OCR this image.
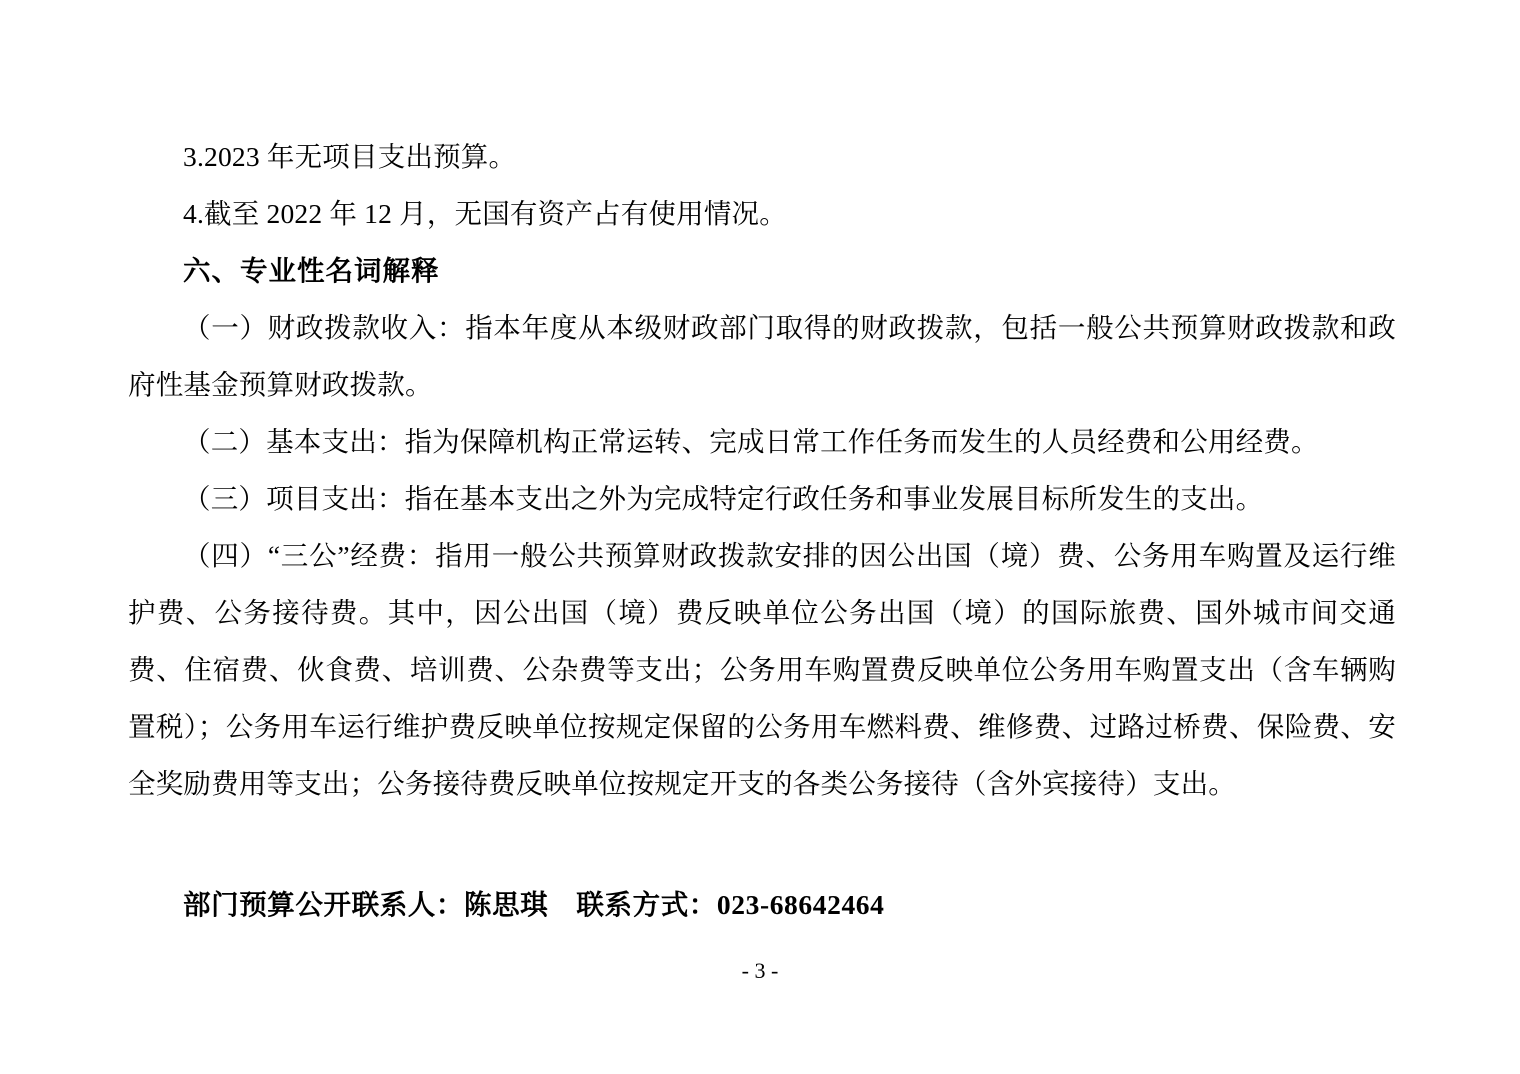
3.2023 年无项目支出预算。

4.截至 2022 年 12 月，无国有资产占有使用情况。

六、专业性名词解释

（一）财政拨款收入：指本年度从本级财政部门取得的财政拨款，包括一般公共预算财政拨款和政府性基金预算财政拨款。

（二）基本支出：指为保障机构正常运转、完成日常工作任务而发生的人员经费和公用经费。

（三）项目支出：指在基本支出之外为完成特定行政任务和事业发展目标所发生的支出。

（四）“三公”经费：指用一般公共预算财政拨款安排的因公出国（境）费、公务用车购置及运行维护费、公务接待费。其中，因公出国（境）费反映单位公务出国（境）的国际旅费、国外城市间交通费、住宿费、伙食费、培训费、公杂费等支出；公务用车购置费反映单位公务用车购置支出（含车辆购置税）；公务用车运行维护费反映单位按规定保留的公务用车燃料费、维修费、过路过桥费、保险费、安全奖励费用等支出；公务接待费反映单位按规定开支的各类公务接待（含外宾接待）支出。

部门预算公开联系人：陈思琪　联系方式：023-68642464

- 3 -
